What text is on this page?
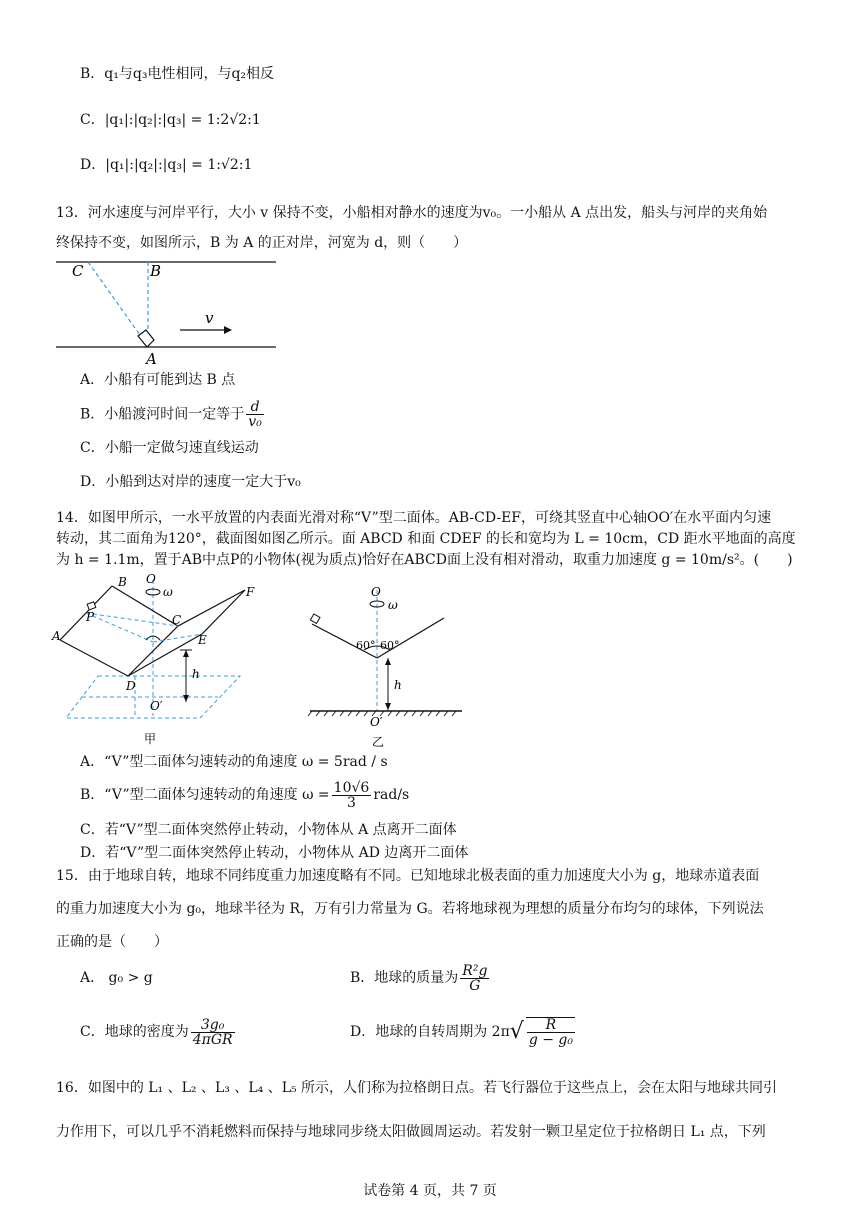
B．q₁与q₃电性相同，与q₂相反
C．|q₁|:|q₂|:|q₃| = 1:2√2:1
D．|q₁|:|q₂|:|q₃| = 1:√2:1
13．河水速度与河岸平行，大小 v 保持不变，小船相对静水的速度为v₀。一小船从 A 点出发，船头与河岸的夹角始
终保持不变，如图所示，B 为 A 的正对岸，河宽为 d，则（　　）
C	B
A
v
A．小船有可能到达 B 点
B．小船渡河时间一定等于 $\frac{d}{\text{v₀}}$
C．小船一定做匀速直线运动
D．小船到达对岸的速度一定大于v₀
14．如图甲所示，一水平放置的内表面光滑对称“V”型二面体。AB-CD-EF，可绕其竖直中心轴OO′在水平面内匀速
转动，其二面角为120°，截面图如图乙所示。面 ABCD 和面 CDEF 的长和宽均为 L = 10cm，CD 距水平地面的高度
为 h = 1.1m，置于AB中点P的小物体(视为质点)恰好在ABCD面上没有相对滑动，取重力加速度 g = 10m/s²。(　　)
B O
ω	F
P	C
A	E
h
D
O′
甲
O
ω
60° 60°
h
O′
乙
A．“V”型二面体匀速转动的角速度 ω = 5rad / s
B．“V”型二面体匀速转动的角速度 $\omega = \frac{10√6}{3} rad/s$
C．若“V”型二面体突然停止转动，小物体从 A 点离开二面体
D．若“V”型二面体突然停止转动，小物体从 AD 边离开二面体
15．由于地球自转，地球不同纬度重力加速度略有不同。已知地球北极表面的重力加速度大小为 g，地球赤道表面
的重力加速度大小为 g₀，地球半径为 R，万有引力常量为 G。若将地球视为理想的质量分布均匀的球体，下列说法
正确的是（　　）
A． g₀ > g	B．地球的质量为 $\frac{\text{R²g}}{G}$
C．地球的密度为 $\frac{\text{3g₀}}{\text{4πGR}}$	D．地球的自转周期为 $2\pi√ \frac{R}{\text{g − g₀}}$
16．如图中的 L₁ 、L₂ 、L₃ 、L₄ 、L₅ 所示，人们称为拉格朗日点。若飞行器位于这些点上，会在太阳与地球共同引
力作用下，可以几乎不消耗燃料而保持与地球同步绕太阳做圆周运动。若发射一颗卫星定位于拉格朗日 L₁ 点，下列
试卷第 4 页，共 7 页
